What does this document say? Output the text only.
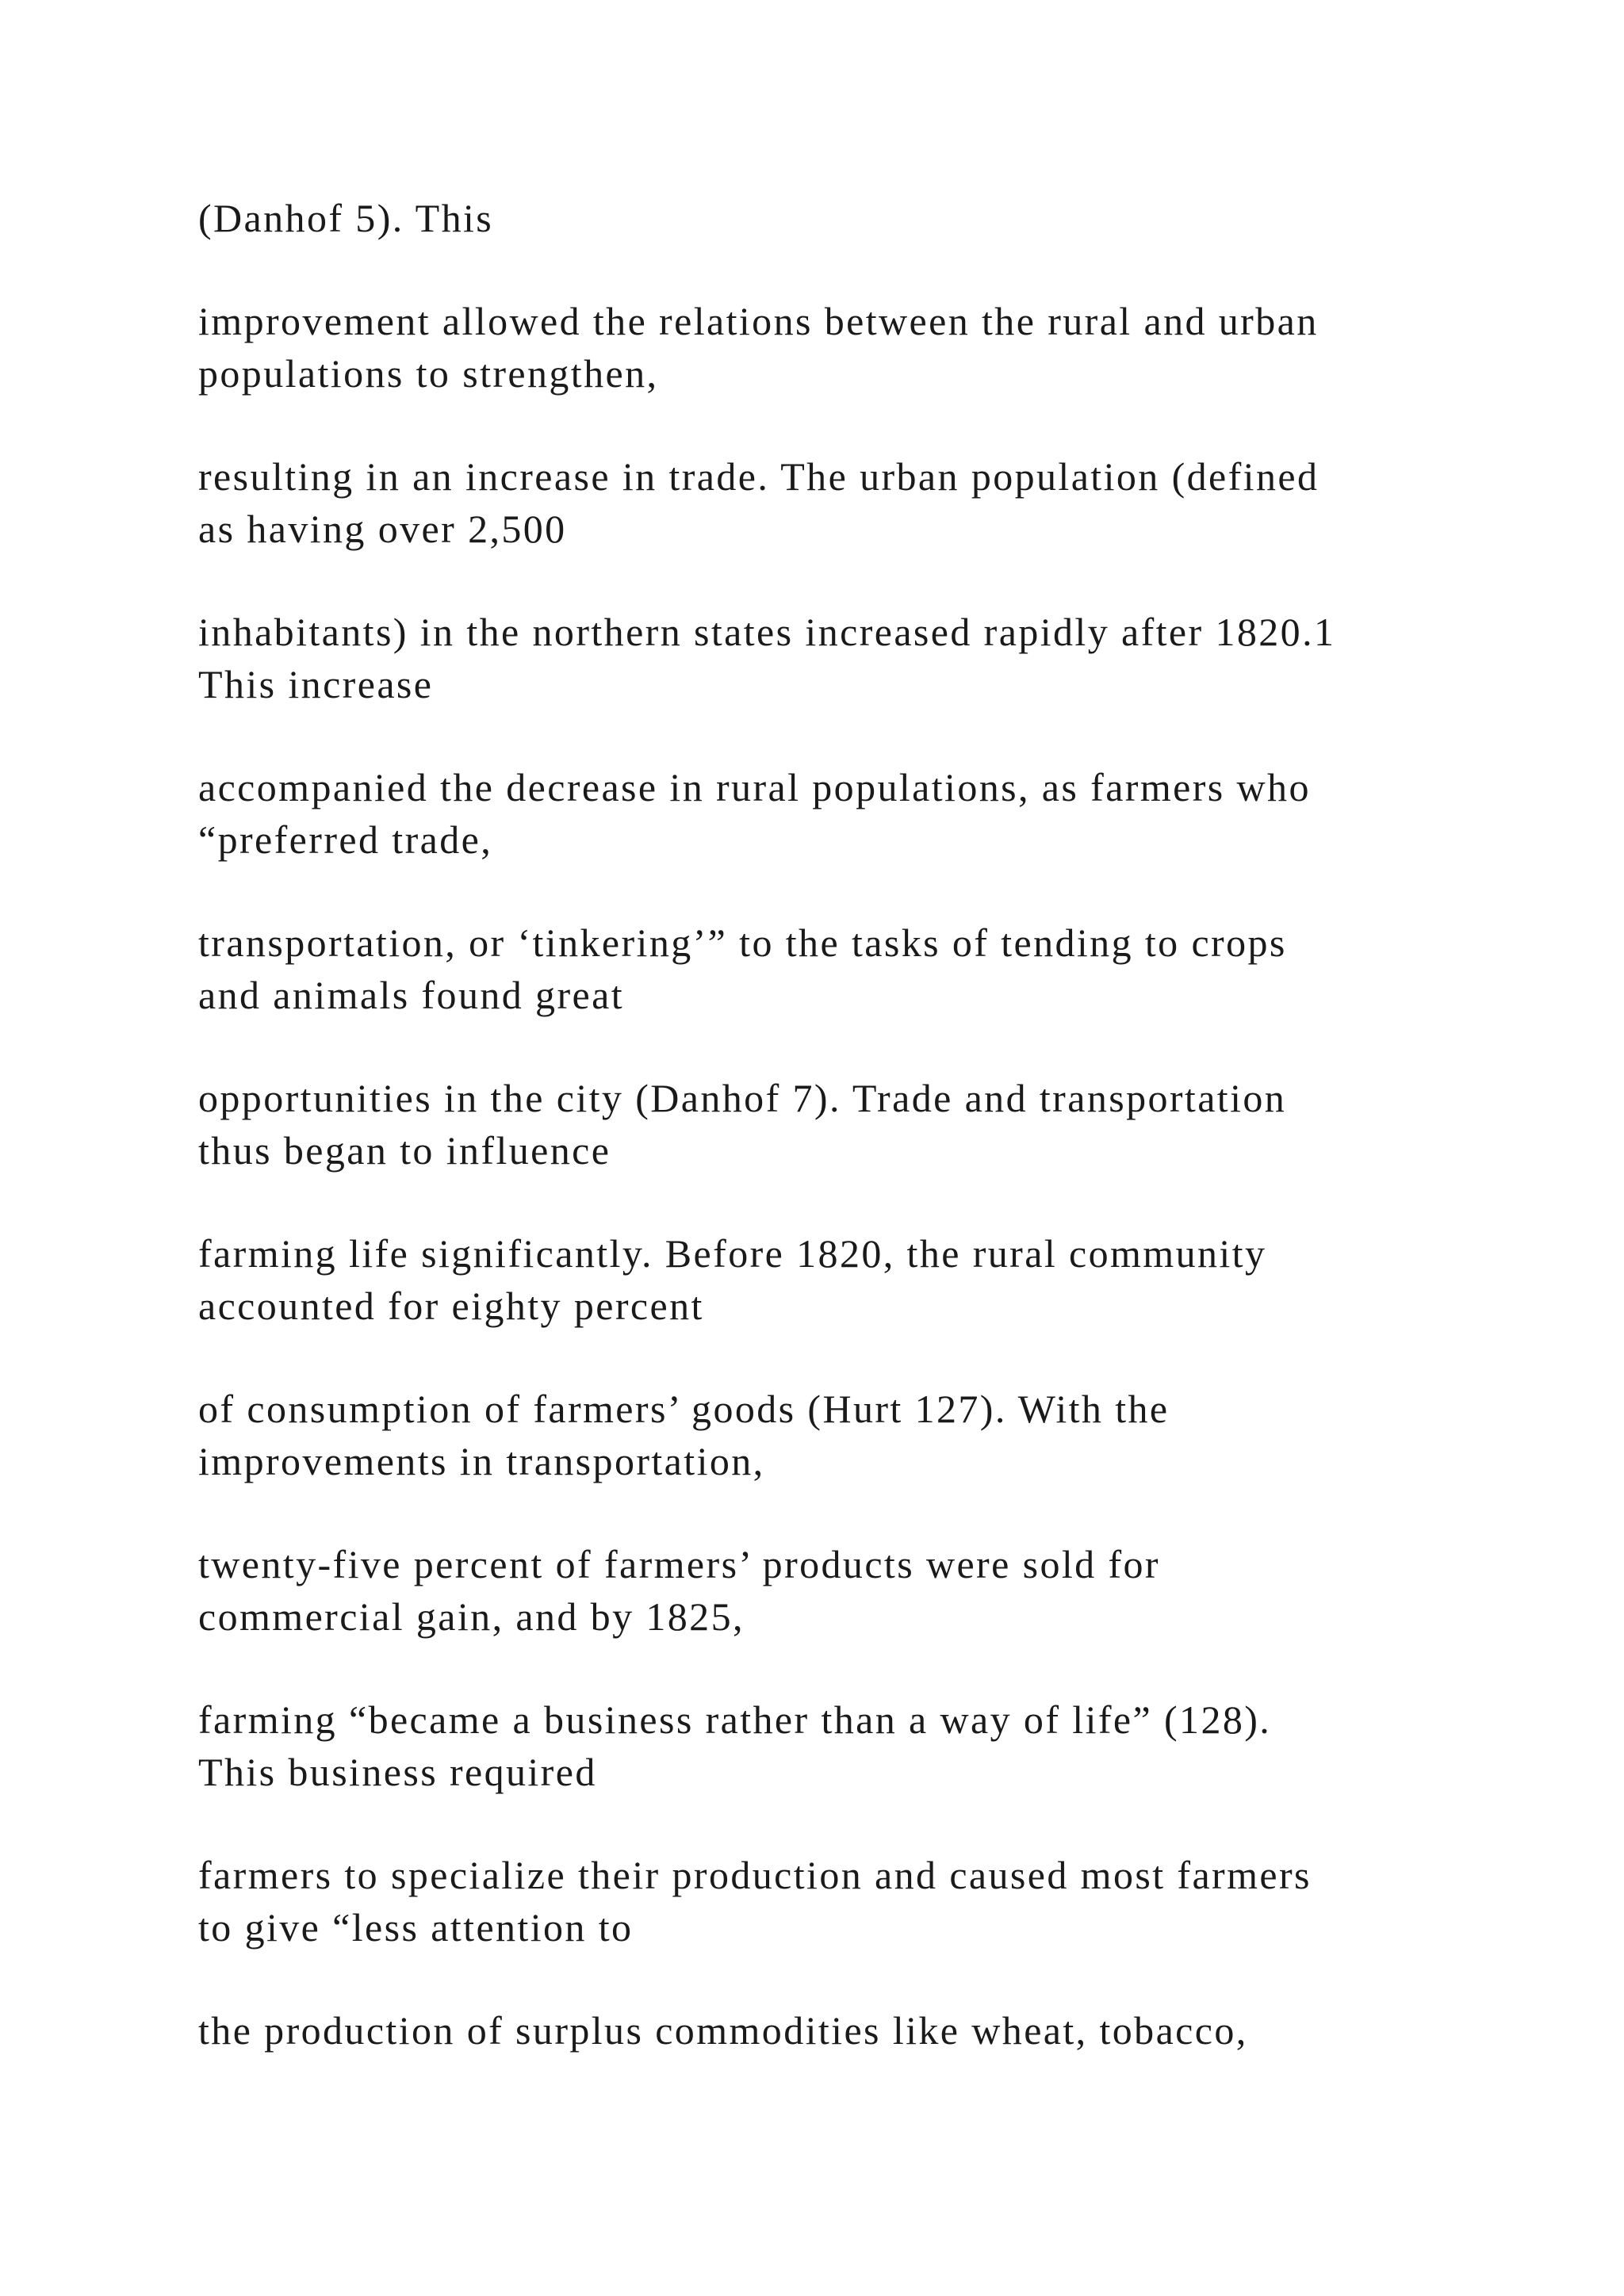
(Danhof 5). This

improvement allowed the relations between the rural and urban
populations to strengthen,

resulting in an increase in trade. The urban population (defined
as having over 2,500

inhabitants) in the northern states increased rapidly after 1820.1
This increase

accompanied the decrease in rural populations, as farmers who
“preferred trade,

transportation, or ‘tinkering’” to the tasks of tending to crops
and animals found great

opportunities in the city (Danhof 7). Trade and transportation
thus began to influence

farming life significantly. Before 1820, the rural community
accounted for eighty percent

of consumption of farmers’ goods (Hurt 127). With the
improvements in transportation,

twenty-five percent of farmers’ products were sold for
commercial gain, and by 1825,

farming “became a business rather than a way of life” (128).
This business required

farmers to specialize their production and caused most farmers
to give “less attention to

the production of surplus commodities like wheat, tobacco,
